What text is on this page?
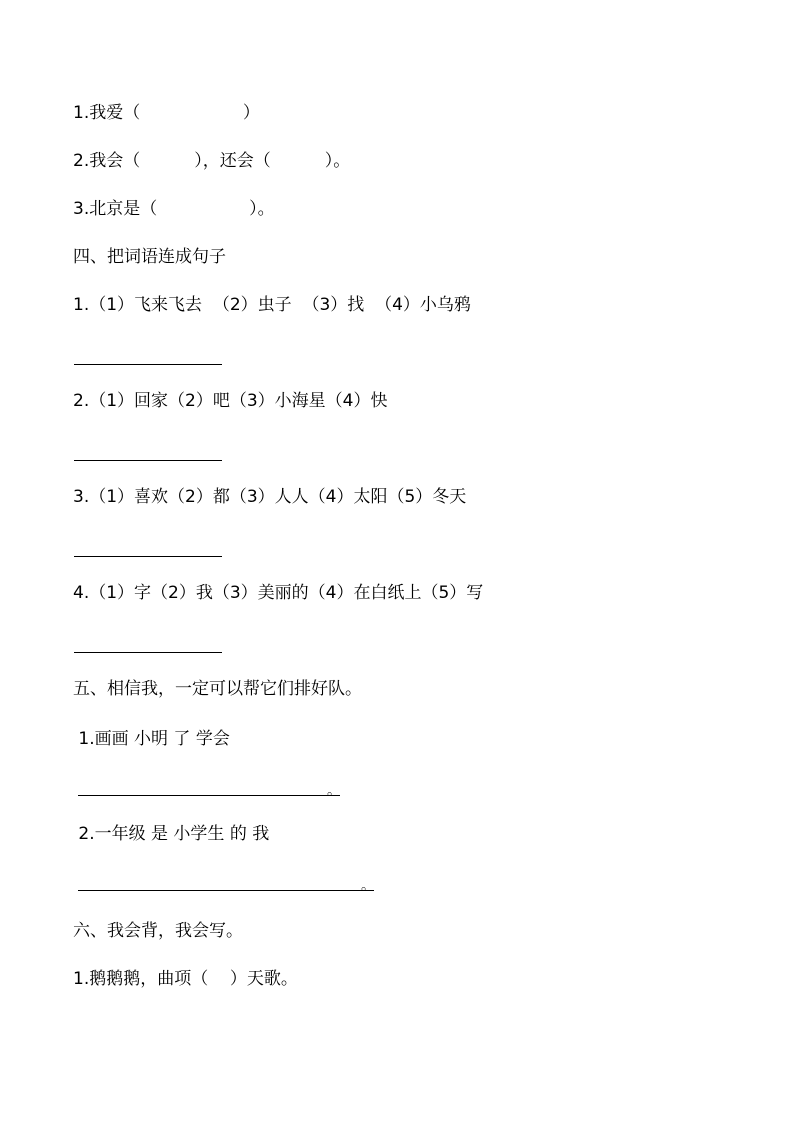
1.我爱（                   ）
2.我会（          ），还会（          ）。
3.北京是（                 ）。
四、把词语连成句子
1.（1）飞来飞去  （2）虫子  （3）找  （4）小乌鸦
2.（1）回家（2）吧（3）小海星（4）快
3.（1）喜欢（2）都（3）人人（4）太阳（5）冬天
4.（1）字（2）我（3）美丽的（4）在白纸上（5）写
五、相信我，一定可以帮它们排好队。
1.画画 小明 了 学会
。
2.一年级 是 小学生 的 我
。
六、我会背，我会写。
1.鹅鹅鹅，曲项（    ）天歌。
